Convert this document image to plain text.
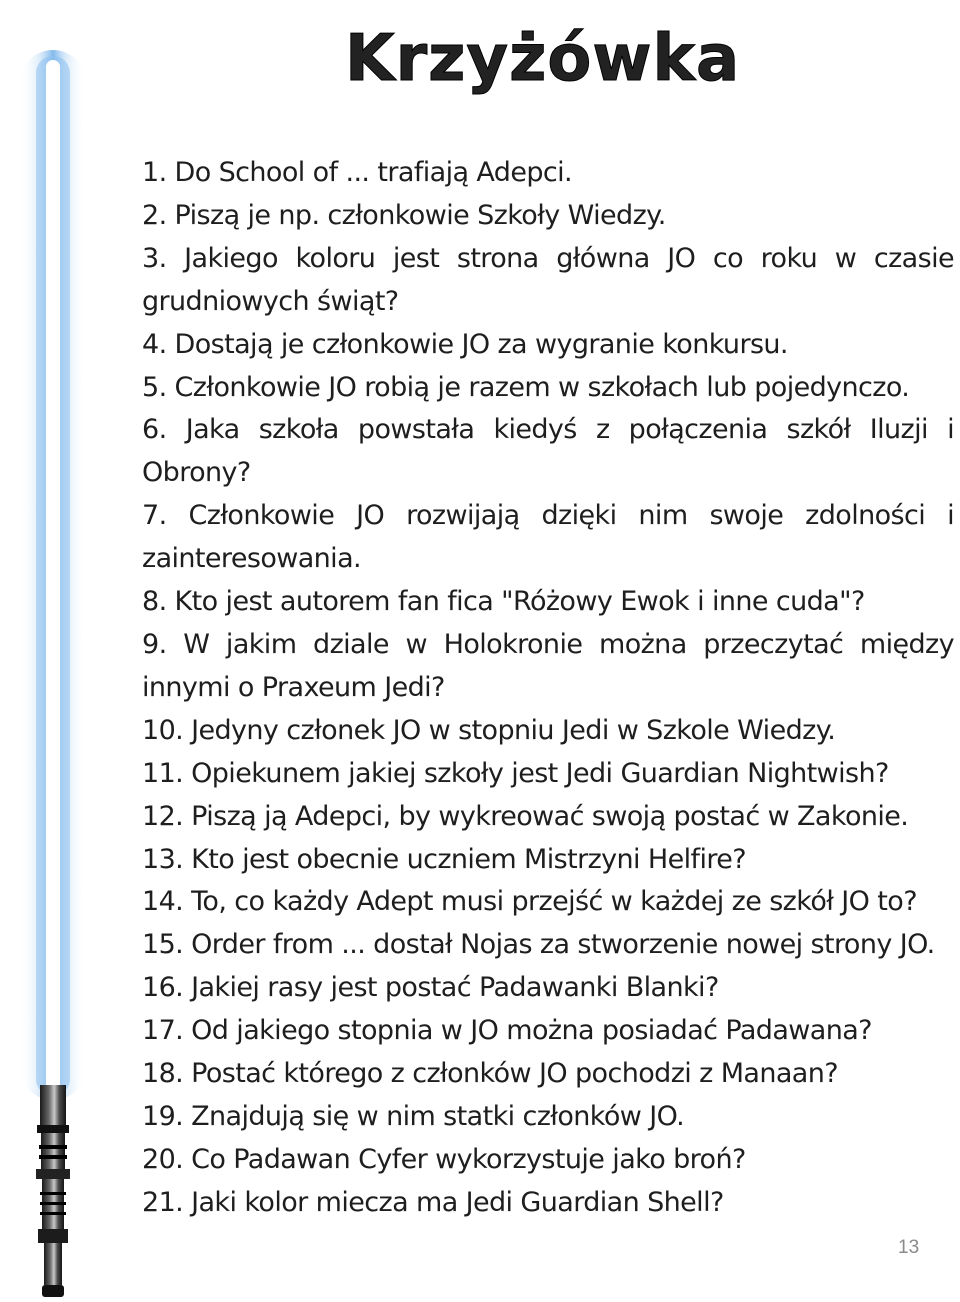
Krzyżówka
1. Do School of ... trafiają Adepci.
2. Piszą je np. członkowie Szkoły Wiedzy.
3. Jakiego koloru jest strona główna JO co roku w czasie grudniowych świąt?
4. Dostają je członkowie JO za wygranie konkursu.
5. Członkowie JO robią je razem w szkołach lub pojedynczo.
6. Jaka szkoła powstała kiedyś z połączenia szkół Iluzji i Obrony?
7. Członkowie JO rozwijają dzięki nim swoje zdolności i zainteresowania.
8. Kto jest autorem fan fica "Różowy Ewok i inne cuda"?
9. W jakim dziale w Holokronie można przeczytać między innymi o Praxeum Jedi?
10. Jedyny członek JO w stopniu Jedi w Szkole Wiedzy.
11. Opiekunem jakiej szkoły jest Jedi Guardian Nightwish?
12. Piszą ją Adepci, by wykreować swoją postać w Zakonie.
13. Kto jest obecnie uczniem Mistrzyni Helfire?
14. To, co każdy Adept musi przejść w każdej ze szkół JO to?
15. Order from ... dostał Nojas za stworzenie nowej strony JO.
16. Jakiej rasy jest postać Padawanki Blanki?
17. Od jakiego stopnia w JO można posiadać Padawana?
18. Postać którego z członków JO pochodzi z Manaan?
19. Znajdują się w nim statki członków JO.
20. Co Padawan Cyfer wykorzystuje jako broń?
21. Jaki kolor miecza ma Jedi Guardian Shell?
13
